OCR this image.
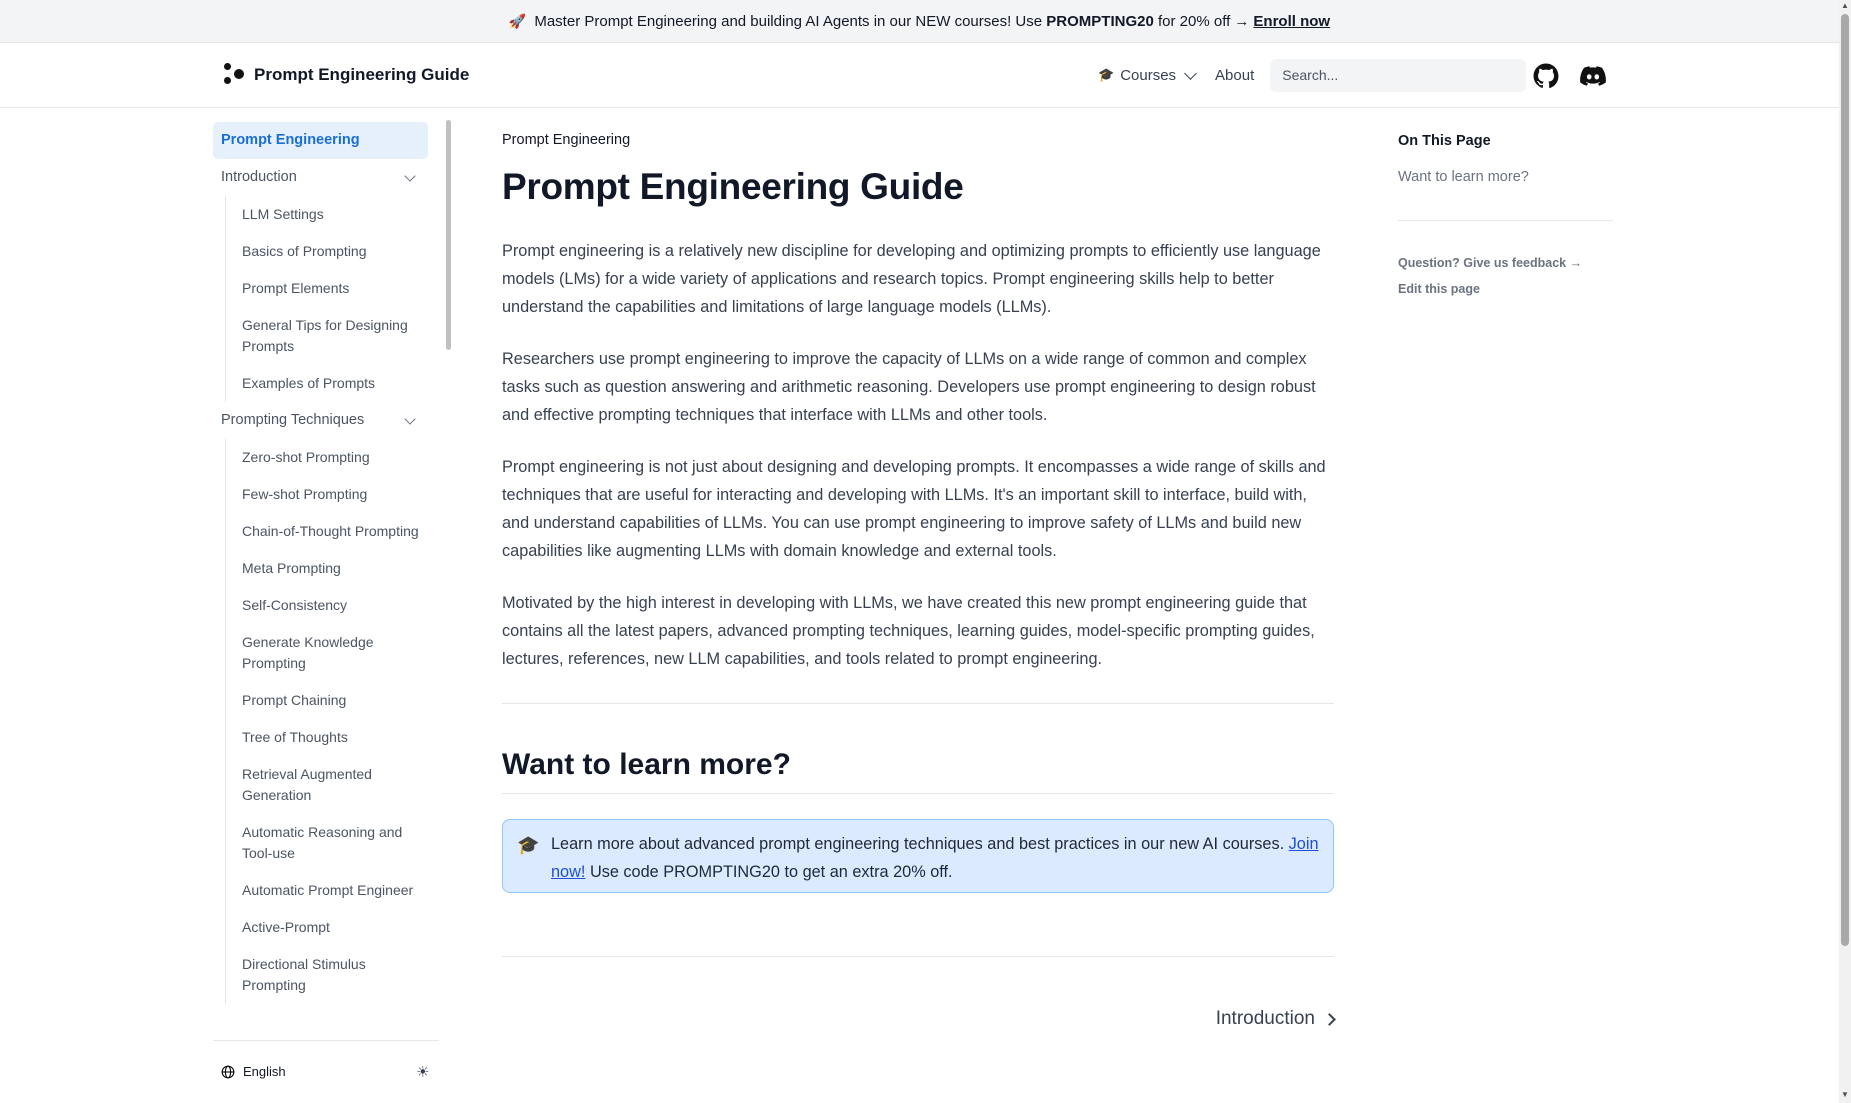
🚀 Master Prompt Engineering and building AI Agents in our NEW courses! Use
PROMPTING20
for 20% off → Enroll now
Prompt Engineering Guide	🎓 Courses	About
Search...
Prompt Engineering
Introduction
LLM Settings
Basics of Prompting
Prompt Elements
General Tips for Designing Prompts
Examples of Prompts
Prompting Techniques
Zero-shot Prompting
Few-shot Prompting
Chain-of-Thought Prompting
Meta Prompting
Self-Consistency
Generate Knowledge Prompting
Prompt Chaining
Tree of Thoughts
Retrieval Augmented Generation
Automatic Reasoning and Tool-use
Automatic Prompt Engineer
Active-Prompt
Directional Stimulus Prompting
English	☀
Prompt Engineering
Prompt Engineering Guide

Prompt engineering is a relatively new discipline for developing and optimizing prompts to efficiently use language models (LMs) for a wide variety of applications and research topics. Prompt engineering skills help to better understand the capabilities and limitations of large language models (LLMs).

Researchers use prompt engineering to improve the capacity of LLMs on a wide range of common and complex tasks such as question answering and arithmetic reasoning. Developers use prompt engineering to design robust and effective prompting techniques that interface with LLMs and other tools.

Prompt engineering is not just about designing and developing prompts. It encompasses a wide range of skills and techniques that are useful for interacting and developing with LLMs. It's an important skill to interface, build with, and understand capabilities of LLMs. You can use prompt engineering to improve safety of LLMs and build new capabilities like augmenting LLMs with domain knowledge and external tools.

Motivated by the high interest in developing with LLMs, we have created this new prompt engineering guide that contains all the latest papers, advanced prompting techniques, learning guides, model-specific prompting guides, lectures, references, new LLM capabilities, and tools related to prompt engineering.

Want to learn more?
🎓 Learn more about advanced prompt engineering techniques and best practices in our new AI courses. Join now! Use code PROMPTING20 to get an extra 20% off.
Introduction
On This Page
Want to learn more?
Question? Give us feedback →
Edit this page
▲
▼
